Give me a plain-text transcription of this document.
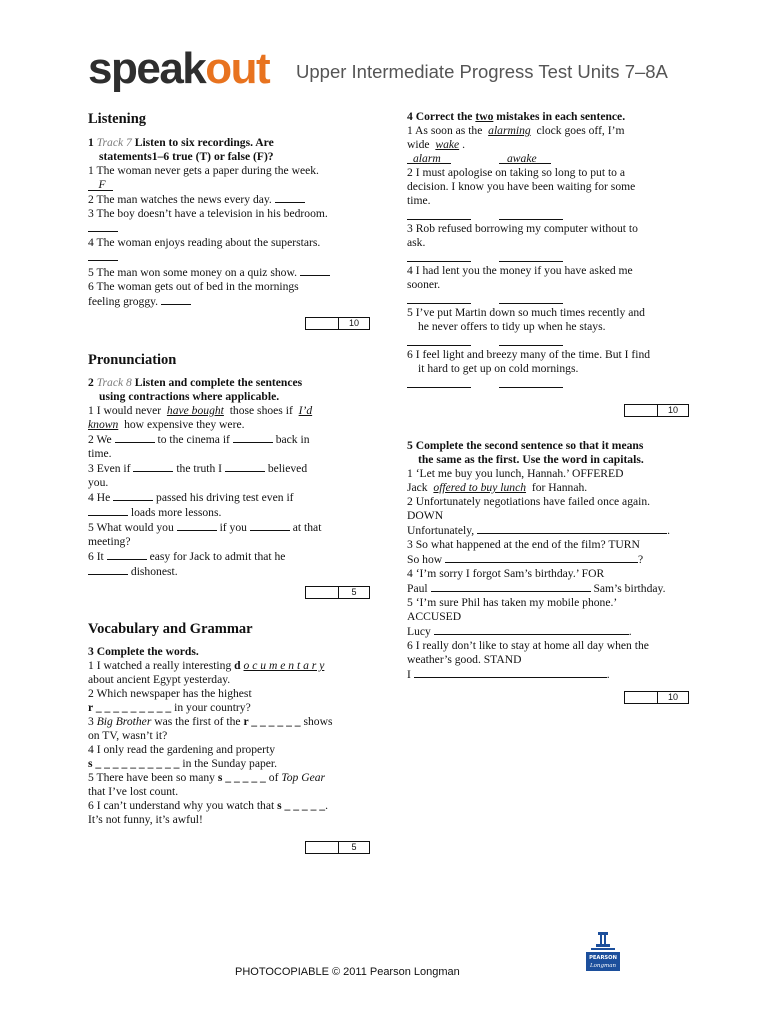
speakout Upper Intermediate Progress Test Units 7–8A

Listening

1 Track 7 Listen to six recordings. Are

statements1–6 true (T) or false (F)?

1 The woman never gets a paper during the week.

F

2 The man watches the news every day.

3 The boy doesn’t have a television in his bedroom.

4 The woman enjoys reading about the superstars.

5 The man won some money on a quiz show.

6 The woman gets out of bed in the mornings

feeling groggy.

10

Pronunciation

2 Track 8 Listen and complete the sentences

using contractions where applicable.

1 I would never have bought those shoes if I’d

known how expensive they were.

2 We	to the cinema if	back in

time.

3 Even if	the truth I	believed

you.

4 He	passed his driving test even if

loads more lessons.

5 What would you	if you	at that

meeting?

6 It	easy for Jack to admit that he

dishonest.

5

Vocabulary and Grammar

3 Complete the words.

1 I watched a really interesting d o c u m e n t a r y

about ancient Egypt yesterday.

2 Which newspaper has the highest

r _ _ _ _ _ _ _ _ _ in your country?

3 Big Brother was the first of the r _ _ _ _ _ _ shows

on TV, wasn’t it?

4 I only read the gardening and property

s _ _ _ _ _ _ _ _ _ _ in the Sunday paper.

5 There have been so many s _ _ _ _ _ of Top Gear

that I’ve lost count.

6 I can’t understand why you watch that s _ _ _ _ _.

It’s not funny, it’s awful!

5

4 Correct the two mistakes in each sentence.

1 As soon as the alarming clock goes off, I’m

wide wake .

alarm	awake

2 I must apologise on taking so long to put to a

decision. I know you have been waiting for some

time.

3 Rob refused borrowing my computer without to

ask.

4 I had lent you the money if you have asked me

sooner.

5 I’ve put Martin down so much times recently and

he never offers to tidy up when he stays.

6 I feel light and breezy many of the time. But I find

it hard to get up on cold mornings.

10

5 Complete the second sentence so that it means

the same as the first. Use the word in capitals.

1 ‘Let me buy you lunch, Hannah.’ OFFERED

Jack offered to buy lunch for Hannah.

2 Unfortunately negotiations have failed once again.

DOWN

Unfortunately,	.

3 So what happened at the end of the film? TURN

So how	?

4 ‘I’m sorry I forgot Sam’s birthday.’ FOR

Paul	Sam’s birthday.

5 ‘I’m sure Phil has taken my mobile phone.’

ACCUSED

Lucy	.

6 I really don’t like to stay at home all day when the

weather’s good. STAND

I	.

10
PHOTOCOPIABLE © 2011 Pearson Longman
PEARSON
Longman
